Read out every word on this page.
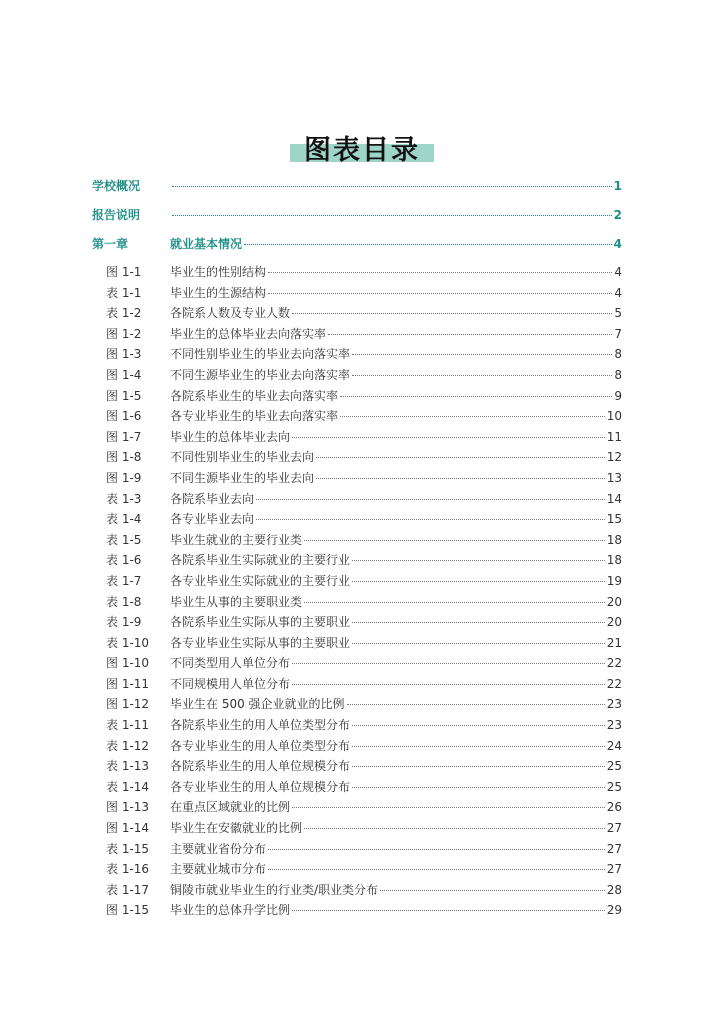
图表目录
学校概况	1
报告说明	2
第一章	就业基本情况	4
图 1-1	毕业生的性别结构	4
表 1-1	毕业生的生源结构	4
表 1-2	各院系人数及专业人数	5
图 1-2	毕业生的总体毕业去向落实率	7
图 1-3	不同性别毕业生的毕业去向落实率	8
图 1-4	不同生源毕业生的毕业去向落实率	8
图 1-5	各院系毕业生的毕业去向落实率	9
图 1-6	各专业毕业生的毕业去向落实率	10
图 1-7	毕业生的总体毕业去向	11
图 1-8	不同性别毕业生的毕业去向	12
图 1-9	不同生源毕业生的毕业去向	13
表 1-3	各院系毕业去向	14
表 1-4	各专业毕业去向	15
表 1-5	毕业生就业的主要行业类	18
表 1-6	各院系毕业生实际就业的主要行业	18
表 1-7	各专业毕业生实际就业的主要行业	19
表 1-8	毕业生从事的主要职业类	20
表 1-9	各院系毕业生实际从事的主要职业	20
表 1-10	各专业毕业生实际从事的主要职业	21
图 1-10	不同类型用人单位分布	22
图 1-11	不同规模用人单位分布	22
图 1-12	毕业生在 500 强企业就业的比例	23
表 1-11	各院系毕业生的用人单位类型分布	23
表 1-12	各专业毕业生的用人单位类型分布	24
表 1-13	各院系毕业生的用人单位规模分布	25
表 1-14	各专业毕业生的用人单位规模分布	25
图 1-13	在重点区域就业的比例	26
图 1-14	毕业生在安徽就业的比例	27
表 1-15	主要就业省份分布	27
表 1-16	主要就业城市分布	27
表 1-17	铜陵市就业毕业生的行业类/职业类分布	28
图 1-15	毕业生的总体升学比例	29
